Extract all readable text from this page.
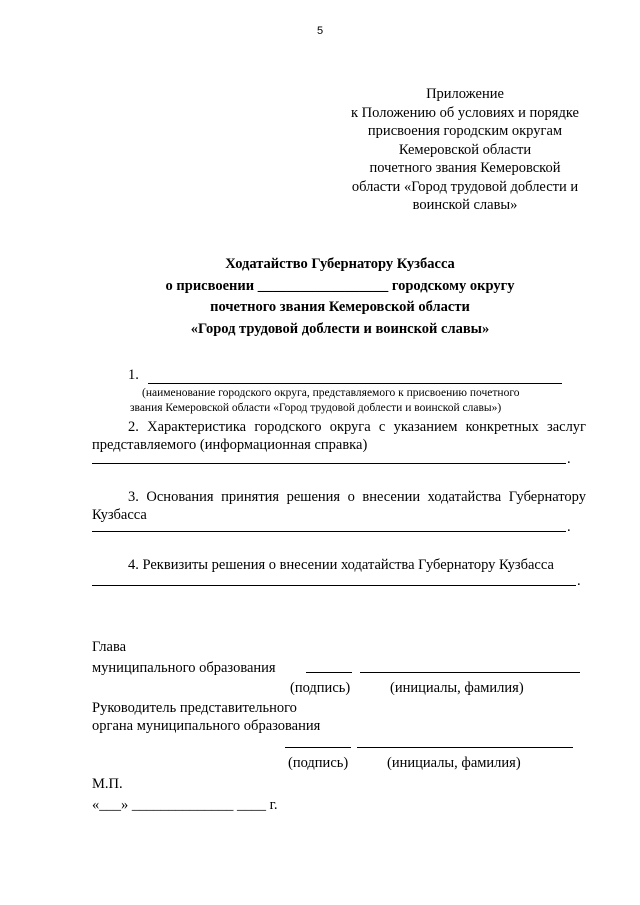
5
Приложение
к Положению об условиях и порядке
присвоения городским округам
Кемеровской области
почетного звания Кемеровской
области «Город трудовой доблести и
воинской славы»
Ходатайство Губернатору Кузбасса
о присвоении __________________ городскому округу
почетного звания Кемеровской области
«Город трудовой доблести и воинской славы»
1.
(наименование городского округа, представляемого к присвоению почетного
звания Кемеровской области «Город трудовой доблести и воинской славы»)
2. Характеристика городского округа с указанием конкретных заслуг
представляемого (информационная справка)
.
3. Основания принятия решения о внесении ходатайства Губернатору
Кузбасса
.
4. Реквизиты решения о внесении ходатайства Губернатору Кузбасса
.
Глава
муниципального образования
(подпись)	(инициалы, фамилия)
Руководитель представительного
органа муниципального образования
(подпись)	(инициалы, фамилия)
М.П.
«___» ______________ ____ г.
